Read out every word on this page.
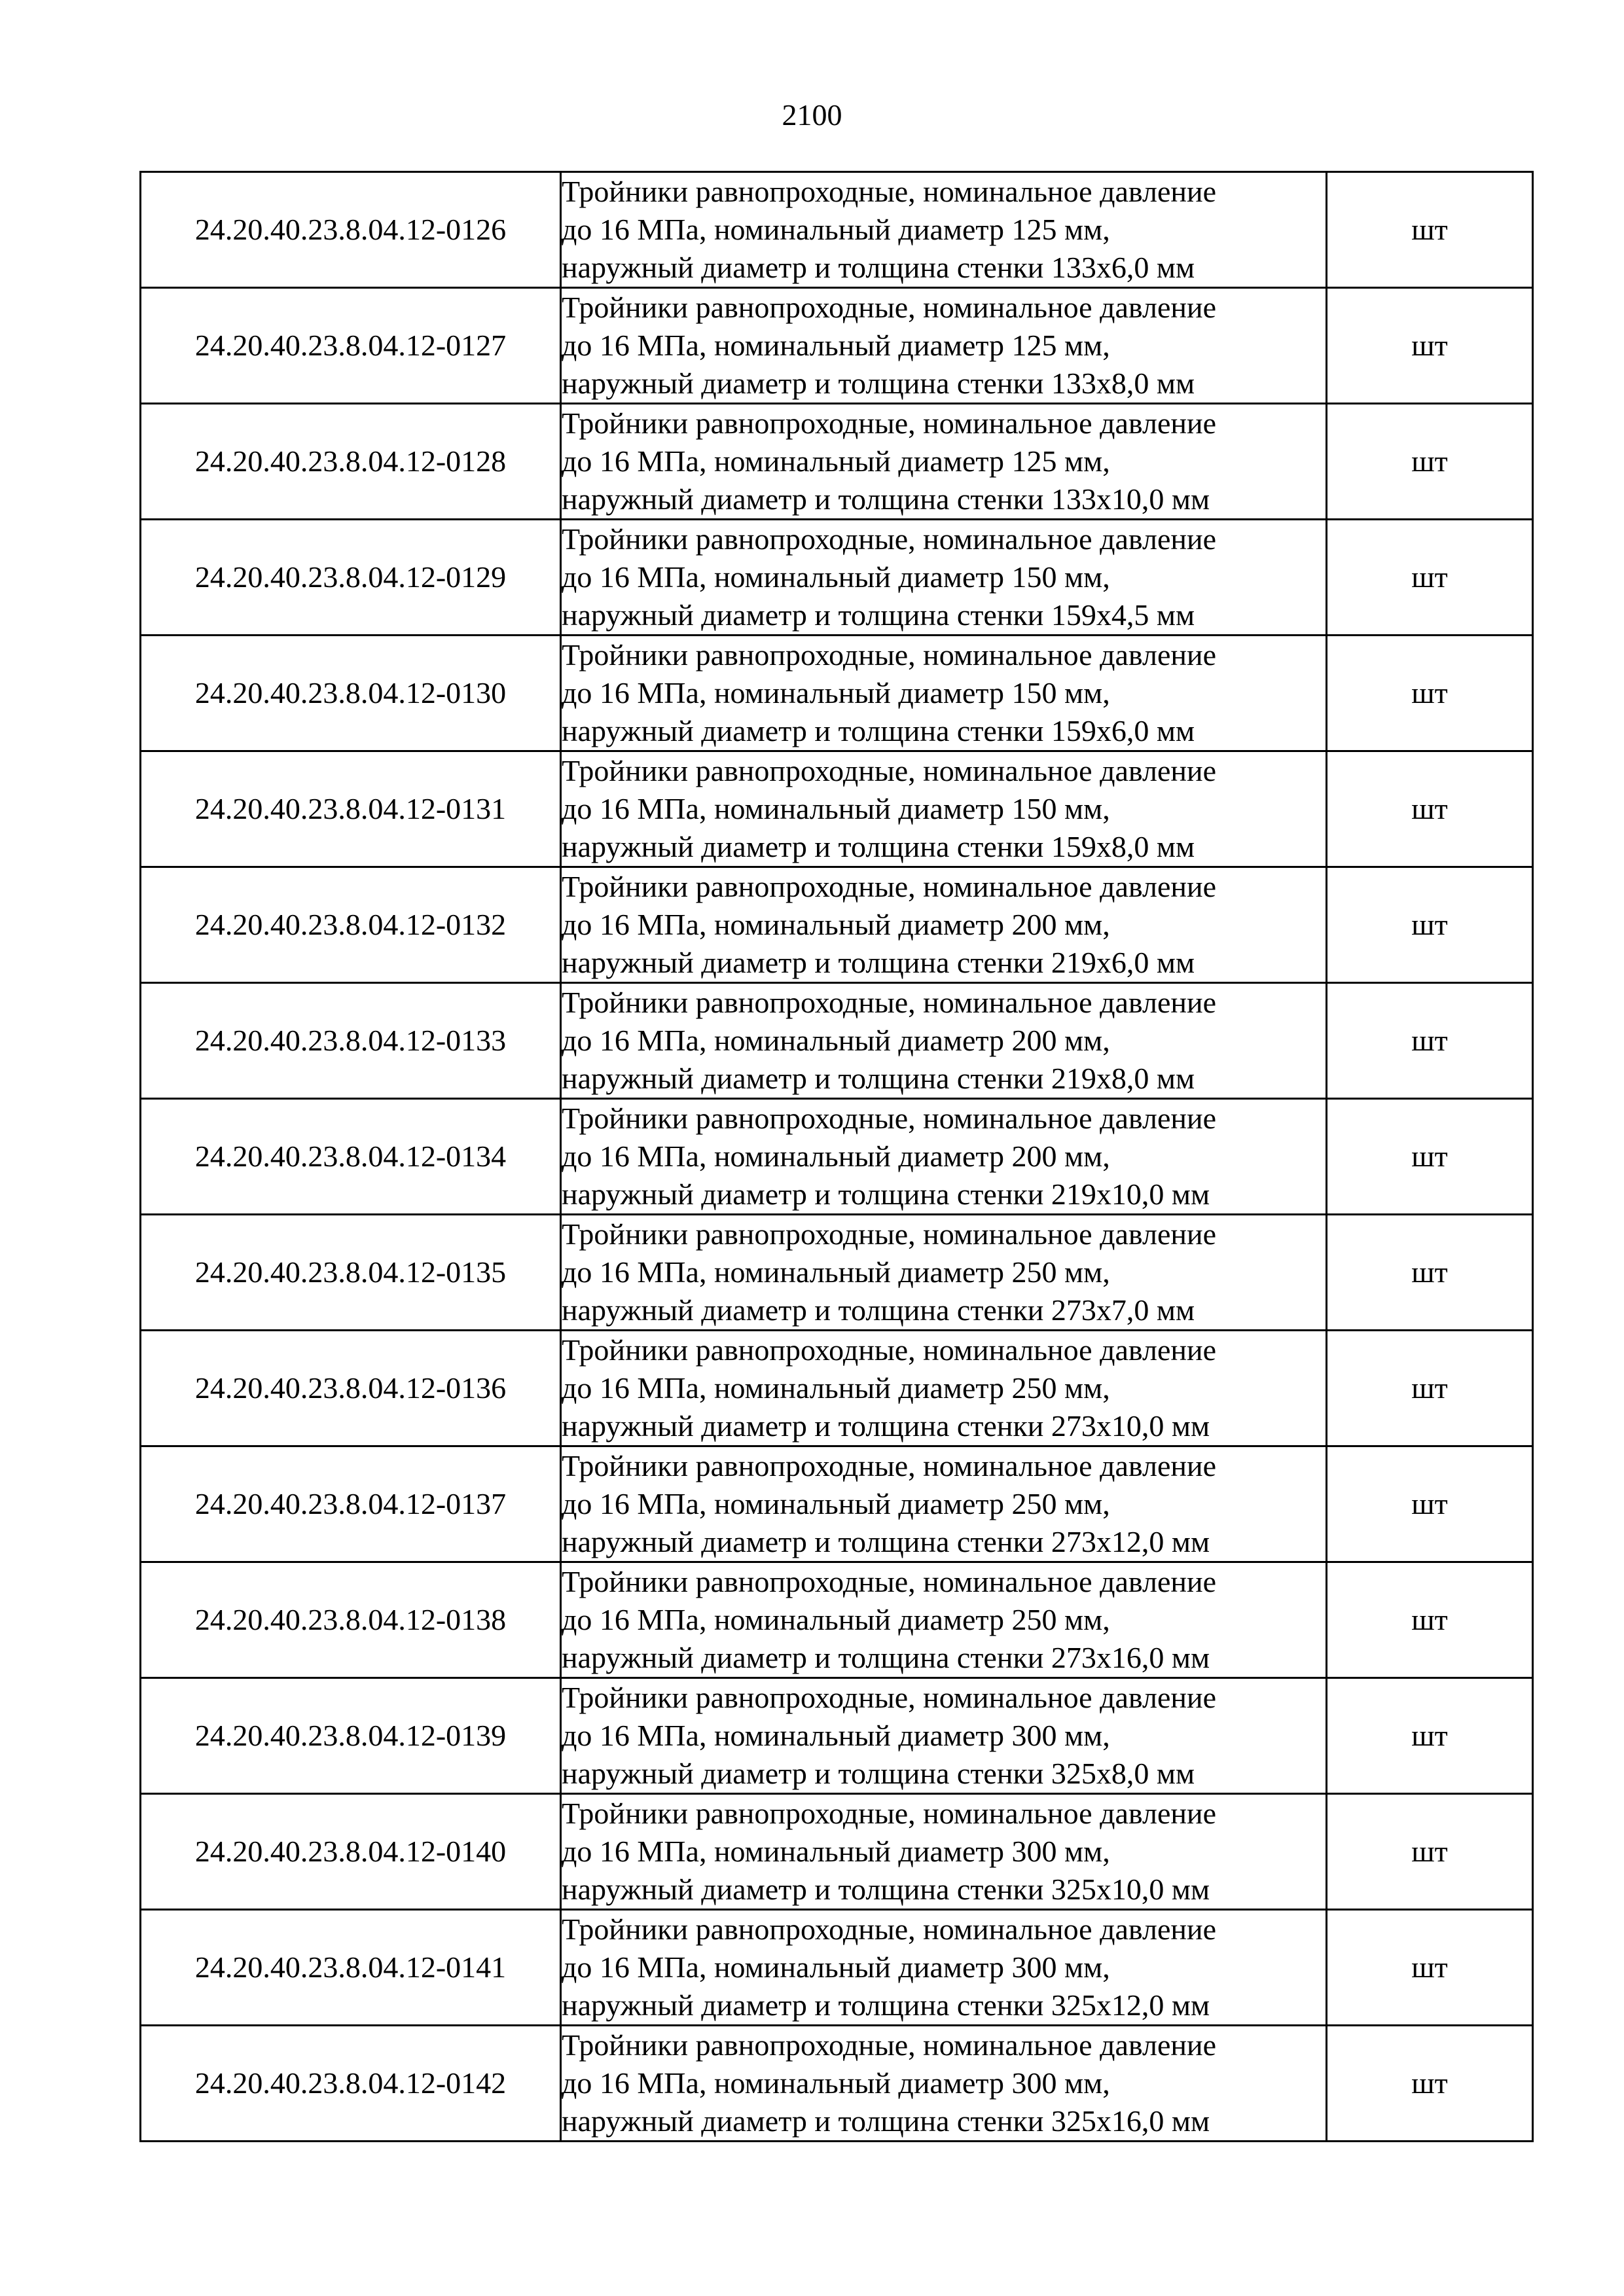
2100
24.20.40.23.8.04.12-0126	Тройники равнопроходные, номинальное давление
до 16 МПа, номинальный диаметр 125 мм,
наружный диаметр и толщина стенки 133х6,0 мм	шт
24.20.40.23.8.04.12-0127	Тройники равнопроходные, номинальное давление
до 16 МПа, номинальный диаметр 125 мм,
наружный диаметр и толщина стенки 133х8,0 мм	шт
24.20.40.23.8.04.12-0128	Тройники равнопроходные, номинальное давление
до 16 МПа, номинальный диаметр 125 мм,
наружный диаметр и толщина стенки 133х10,0 мм	шт
24.20.40.23.8.04.12-0129	Тройники равнопроходные, номинальное давление
до 16 МПа, номинальный диаметр 150 мм,
наружный диаметр и толщина стенки 159х4,5 мм	шт
24.20.40.23.8.04.12-0130	Тройники равнопроходные, номинальное давление
до 16 МПа, номинальный диаметр 150 мм,
наружный диаметр и толщина стенки 159х6,0 мм	шт
24.20.40.23.8.04.12-0131	Тройники равнопроходные, номинальное давление
до 16 МПа, номинальный диаметр 150 мм,
наружный диаметр и толщина стенки 159х8,0 мм	шт
24.20.40.23.8.04.12-0132	Тройники равнопроходные, номинальное давление
до 16 МПа, номинальный диаметр 200 мм,
наружный диаметр и толщина стенки 219х6,0 мм	шт
24.20.40.23.8.04.12-0133	Тройники равнопроходные, номинальное давление
до 16 МПа, номинальный диаметр 200 мм,
наружный диаметр и толщина стенки 219х8,0 мм	шт
24.20.40.23.8.04.12-0134	Тройники равнопроходные, номинальное давление
до 16 МПа, номинальный диаметр 200 мм,
наружный диаметр и толщина стенки 219х10,0 мм	шт
24.20.40.23.8.04.12-0135	Тройники равнопроходные, номинальное давление
до 16 МПа, номинальный диаметр 250 мм,
наружный диаметр и толщина стенки 273х7,0 мм	шт
24.20.40.23.8.04.12-0136	Тройники равнопроходные, номинальное давление
до 16 МПа, номинальный диаметр 250 мм,
наружный диаметр и толщина стенки 273х10,0 мм	шт
24.20.40.23.8.04.12-0137	Тройники равнопроходные, номинальное давление
до 16 МПа, номинальный диаметр 250 мм,
наружный диаметр и толщина стенки 273х12,0 мм	шт
24.20.40.23.8.04.12-0138	Тройники равнопроходные, номинальное давление
до 16 МПа, номинальный диаметр 250 мм,
наружный диаметр и толщина стенки 273х16,0 мм	шт
24.20.40.23.8.04.12-0139	Тройники равнопроходные, номинальное давление
до 16 МПа, номинальный диаметр 300 мм,
наружный диаметр и толщина стенки 325х8,0 мм	шт
24.20.40.23.8.04.12-0140	Тройники равнопроходные, номинальное давление
до 16 МПа, номинальный диаметр 300 мм,
наружный диаметр и толщина стенки 325х10,0 мм	шт
24.20.40.23.8.04.12-0141	Тройники равнопроходные, номинальное давление
до 16 МПа, номинальный диаметр 300 мм,
наружный диаметр и толщина стенки 325х12,0 мм	шт
24.20.40.23.8.04.12-0142	Тройники равнопроходные, номинальное давление
до 16 МПа, номинальный диаметр 300 мм,
наружный диаметр и толщина стенки 325х16,0 мм	шт
